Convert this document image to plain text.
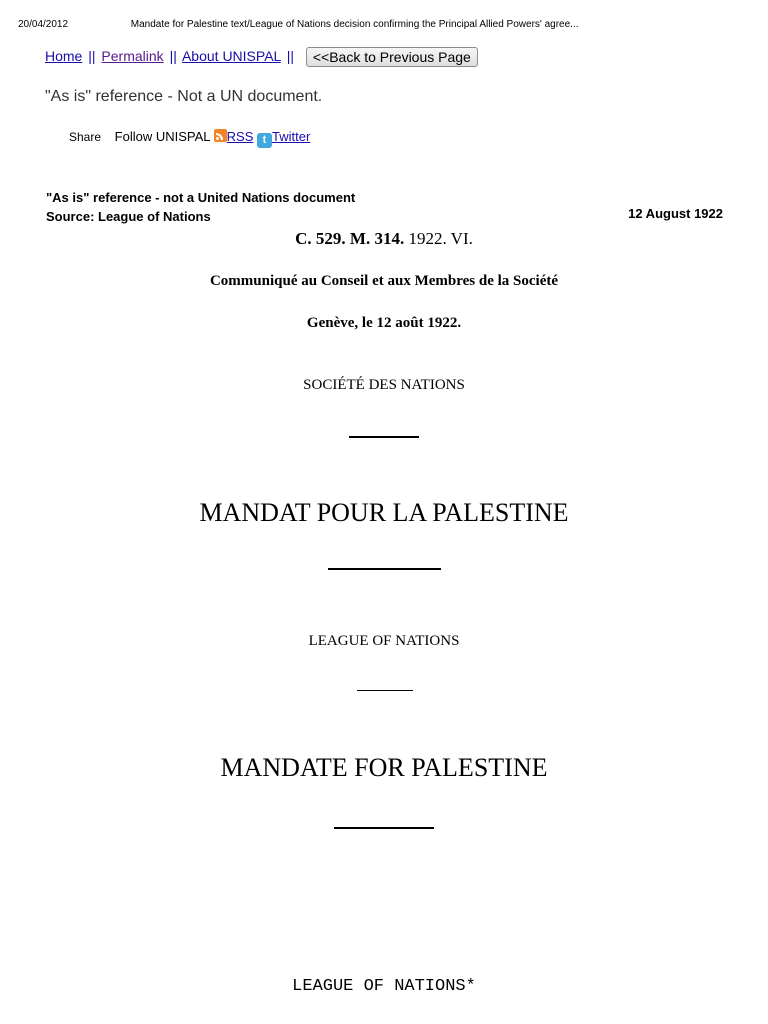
20/04/2012	Mandate for Palestine text/League of Nations decision confirming the Principal Allied Powers' agree...
Home || Permalink || About UNISPAL || <<Back to Previous Page
"As is" reference - Not a UN document.
Share Follow UNISPAL RSS t Twitter
"As is" reference - not a United Nations document
Source: League of Nations	12 August 1922
C. 529. M. 314. 1922. VI.
Communiqué au Conseil et aux Membres de la Société
Genève, le 12 août 1922.
SOCIÉTÉ DES NATIONS
MANDAT POUR LA PALESTINE
LEAGUE OF NATIONS
MANDATE FOR PALESTINE
LEAGUE OF NATIONS*
